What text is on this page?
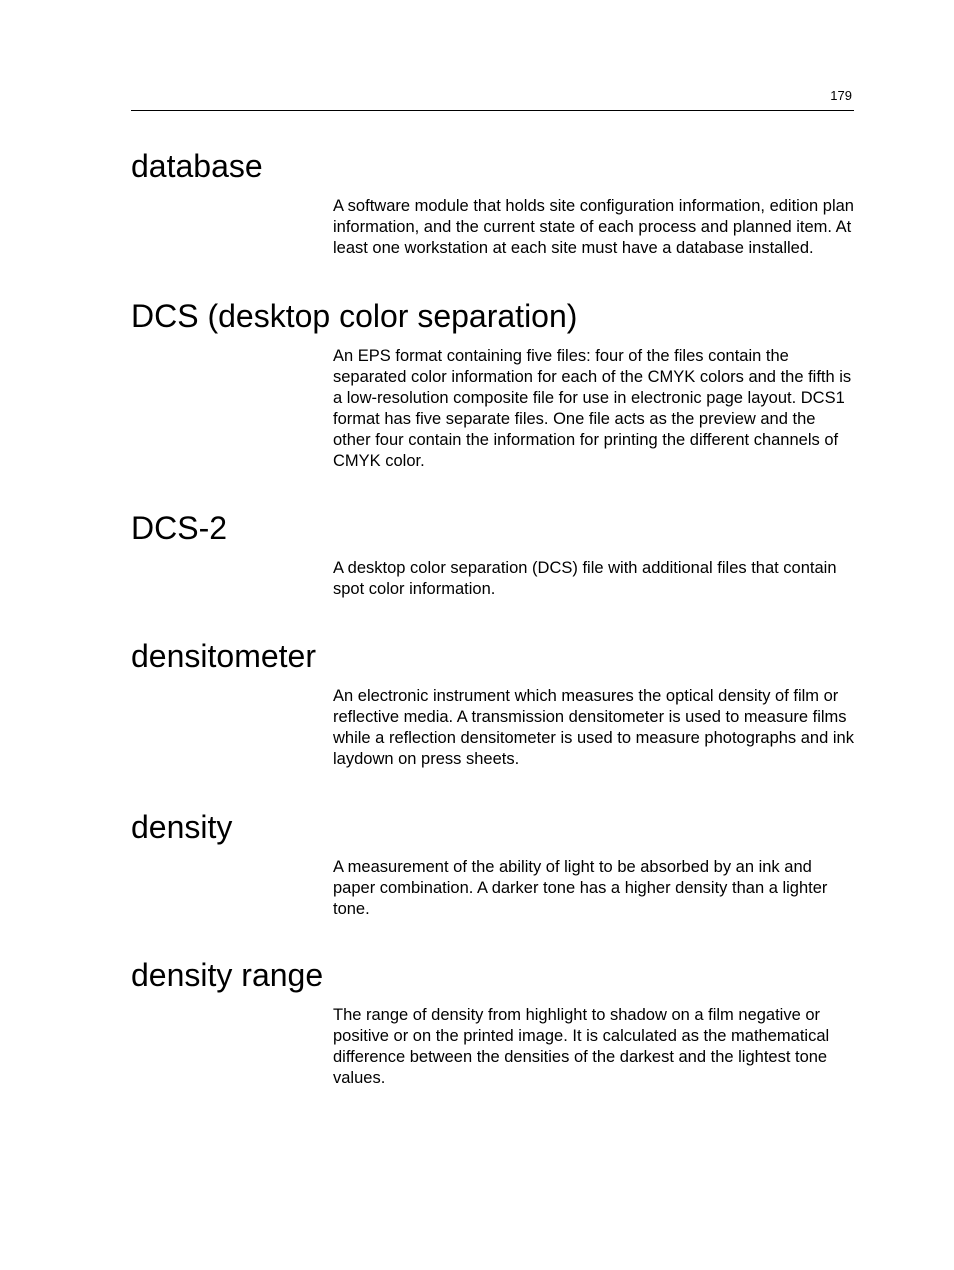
179
database

A software module that holds site configuration information, edition plan information, and the current state of each process and planned item. At least one workstation at each site must have a database installed.

DCS (desktop color separation)

An EPS format containing five files: four of the files contain the separated color information for each of the CMYK colors and the fifth is a low-resolution composite file for use in electronic page layout. DCS1 format has five separate files. One file acts as the preview and the other four contain the information for printing the different channels of CMYK color.

DCS-2

A desktop color separation (DCS) file with additional files that contain spot color information.

densitometer

An electronic instrument which measures the optical density of film or reflective media. A transmission densitometer is used to measure films while a reflection densitometer is used to measure photographs and ink laydown on press sheets.

density

A measurement of the ability of light to be absorbed by an ink and paper combination. A darker tone has a higher density than a lighter tone.

density range

The range of density from highlight to shadow on a film negative or positive or on the printed image. It is calculated as the mathematical difference between the densities of the darkest and the lightest tone values.
